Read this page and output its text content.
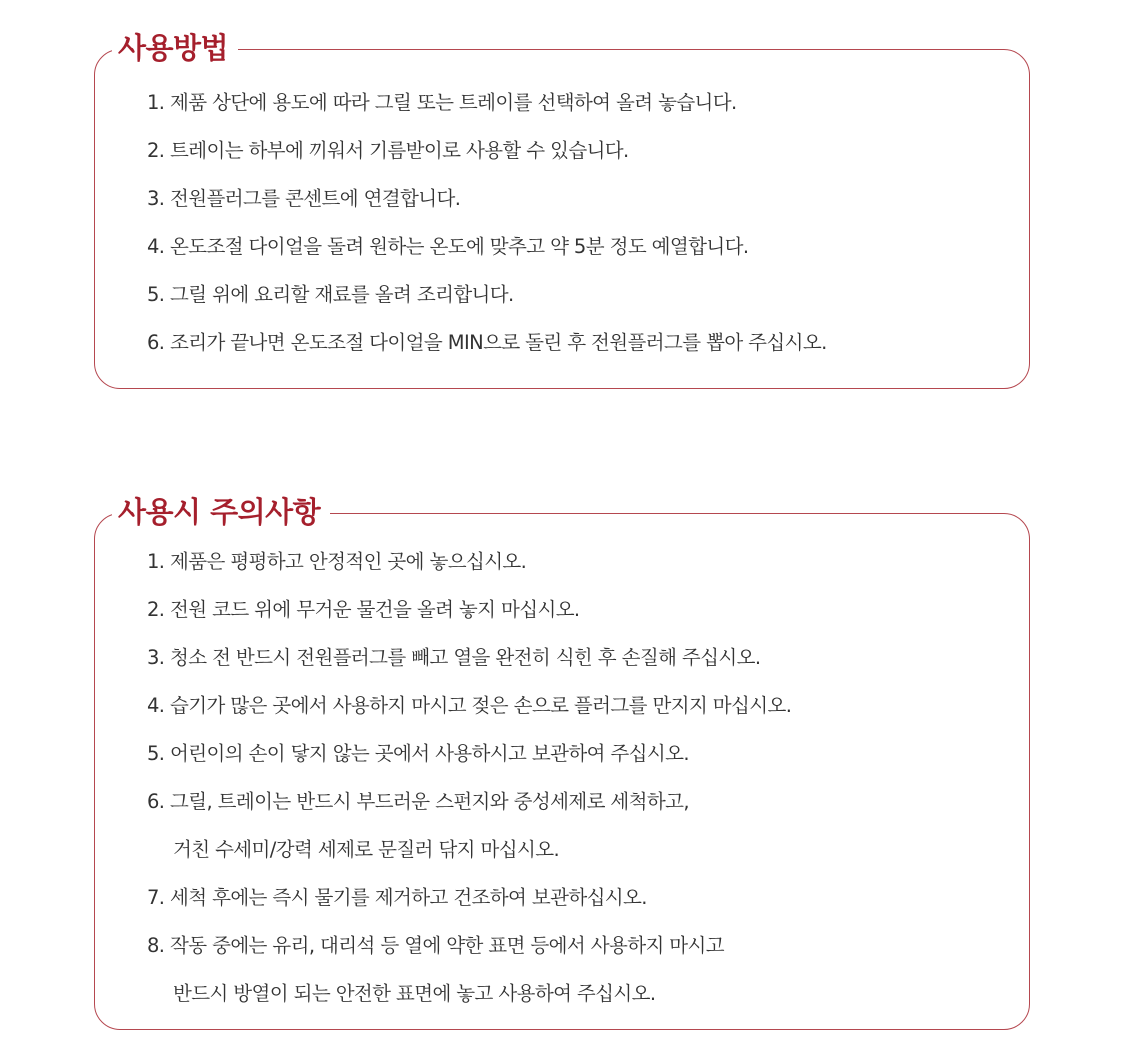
사용방법
1. 제품 상단에 용도에 따라 그릴 또는 트레이를 선택하여 올려 놓습니다.
2. 트레이는 하부에 끼워서 기름받이로 사용할 수 있습니다.
3. 전원플러그를 콘센트에 연결합니다.
4. 온도조절 다이얼을 돌려 원하는 온도에 맞추고 약 5분 정도 예열합니다.
5. 그릴 위에 요리할 재료를 올려 조리합니다.
6. 조리가 끝나면 온도조절 다이얼을 MIN으로 돌린 후 전원플러그를 뽑아 주십시오.
사용시 주의사항
1. 제품은 평평하고 안정적인 곳에 놓으십시오.
2. 전원 코드 위에 무거운 물건을 올려 놓지 마십시오.
3. 청소 전 반드시 전원플러그를 빼고 열을 완전히 식힌 후 손질해 주십시오.
4. 습기가 많은 곳에서 사용하지 마시고 젖은 손으로 플러그를 만지지 마십시오.
5. 어린이의 손이 닿지 않는 곳에서 사용하시고 보관하여 주십시오.
6. 그릴, 트레이는 반드시 부드러운 스펀지와 중성세제로 세척하고,
거친 수세미/강력 세제로 문질러 닦지 마십시오.
7. 세척 후에는 즉시 물기를 제거하고 건조하여 보관하십시오.
8. 작동 중에는 유리, 대리석 등 열에 약한 표면 등에서 사용하지 마시고
반드시 방열이 되는 안전한 표면에 놓고 사용하여 주십시오.
